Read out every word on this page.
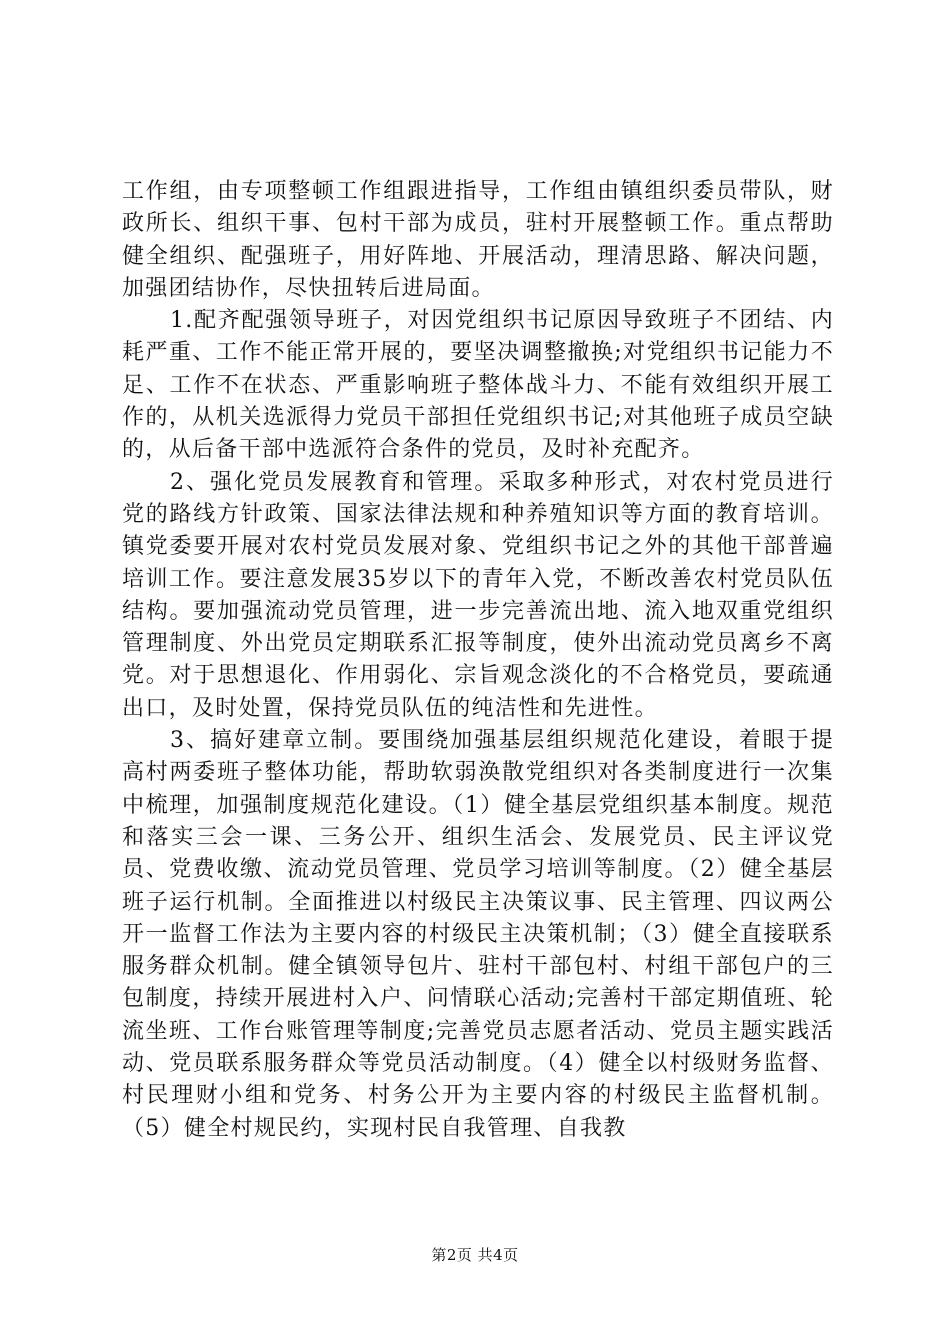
工作组，由专项整顿工作组跟进指导，工作组由镇组织委员带队，财政所长、组织干事、包村干部为成员，驻村开展整顿工作。重点帮助健全组织、配强班子，用好阵地、开展活动，理清思路、解决问题，加强团结协作，尽快扭转后进局面。

1.配齐配强领导班子，对因党组织书记原因导致班子不团结、内耗严重、工作不能正常开展的，要坚决调整撤换;对党组织书记能力不足、工作不在状态、严重影响班子整体战斗力、不能有效组织开展工作的，从机关选派得力党员干部担任党组织书记;对其他班子成员空缺的，从后备干部中选派符合条件的党员，及时补充配齐。

2、强化党员发展教育和管理。采取多种形式，对农村党员进行党的路线方针政策、国家法律法规和种养殖知识等方面的教育培训。镇党委要开展对农村党员发展对象、党组织书记之外的其他干部普遍培训工作。要注意发展35岁以下的青年入党，不断改善农村党员队伍结构。要加强流动党员管理，进一步完善流出地、流入地双重党组织管理制度、外出党员定期联系汇报等制度，使外出流动党员离乡不离党。对于思想退化、作用弱化、宗旨观念淡化的不合格党员，要疏通出口，及时处置，保持党员队伍的纯洁性和先进性。

3、搞好建章立制。要围绕加强基层组织规范化建设，着眼于提高村两委班子整体功能，帮助软弱涣散党组织对各类制度进行一次集中梳理，加强制度规范化建设。（1）健全基层党组织基本制度。规范和落实三会一课、三务公开、组织生活会、发展党员、民主评议党员、党费收缴、流动党员管理、党员学习培训等制度。（2）健全基层班子运行机制。全面推进以村级民主决策议事、民主管理、四议两公开一监督工作法为主要内容的村级民主决策机制；（3）健全直接联系服务群众机制。健全镇领导包片、驻村干部包村、村组干部包户的三包制度，持续开展进村入户、问情联心活动;完善村干部定期值班、轮流坐班、工作台账管理等制度;完善党员志愿者活动、党员主题实践活动、党员联系服务群众等党员活动制度。（4）健全以村级财务监督、村民理财小组和党务、村务公开为主要内容的村级民主监督机制。（5）健全村规民约，实现村民自我管理、自我教

第2页 共4页
